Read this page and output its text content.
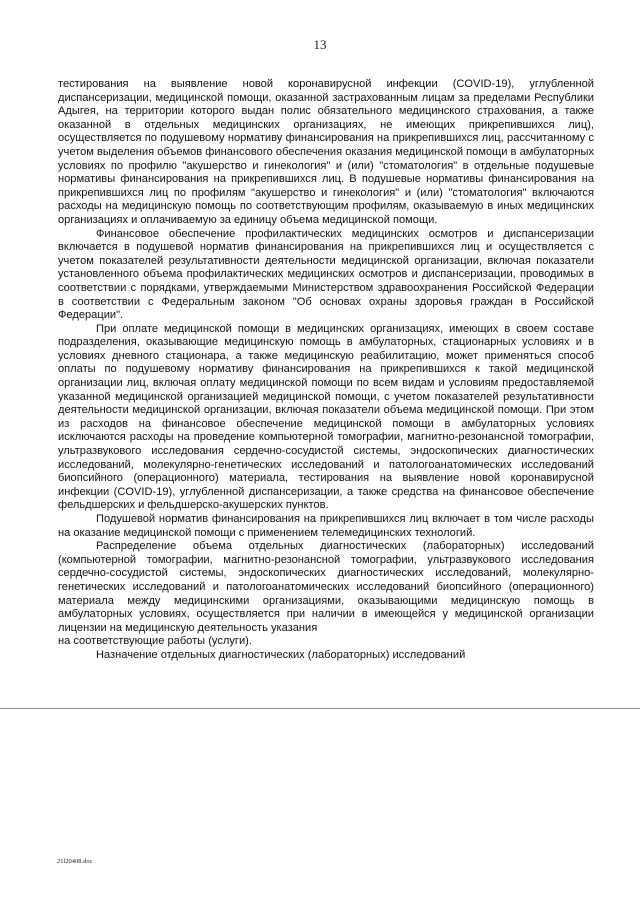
13

тестирования на выявление новой коронавирусной инфекции (COVID-19), углубленной диспансеризации, медицинской помощи, оказанной застрахованным лицам за пределами Республики Адыгея, на территории которого выдан полис обязательного медицинского страхования, а также оказанной в отдельных медицинских организациях, не имеющих прикрепившихся лиц), осуществляется по подушевому нормативу финансирования на прикрепившихся лиц, рассчитанному с учетом выделения объемов финансового обеспечения оказания медицинской помощи в амбулаторных условиях по профилю "акушерство и гинекология" и (или) "стоматология" в отдельные подушевые нормативы финансирования на прикрепившихся лиц. В подушевые нормативы финансирования на прикрепившихся лиц по профилям "акушерство и гинекология" и (или) "стоматология" включаются расходы на медицинскую помощь по соответствующим профилям, оказываемую в иных медицинских организациях и оплачиваемую за единицу объема медицинской помощи.

Финансовое обеспечение профилактических медицинских осмотров и диспансеризации включается в подушевой норматив финансирования на прикрепившихся лиц и осуществляется с учетом показателей результативности деятельности медицинской организации, включая показатели установленного объема профилактических медицинских осмотров и диспансеризации, проводимых в соответствии с порядками, утверждаемыми Министерством здравоохранения Российской Федерации в соответствии с Федеральным законом "Об основах охраны здоровья граждан в Российской Федерации".

При оплате медицинской помощи в медицинских организациях, имеющих в своем составе подразделения, оказывающие медицинскую помощь в амбулаторных, стационарных условиях и в условиях дневного стационара, а также медицинскую реабилитацию, может применяться способ оплаты по подушевому нормативу финансирования на прикрепившихся к такой медицинской организации лиц, включая оплату медицинской помощи по всем видам и условиям предоставляемой указанной медицинской организацией медицинской помощи, с учетом показателей результативности деятельности медицинской организации, включая показатели объема медицинской помощи. При этом из расходов на финансовое обеспечение медицинской помощи в амбулаторных условиях исключаются расходы на проведение компьютерной томографии, магнитно-резонансной томографии, ультразвукового исследования сердечно-сосудистой системы, эндоскопических диагностических исследований, молекулярно-генетических исследований и патологоанатомических исследований биопсийного (операционного) материала, тестирования на выявление новой коронавирусной инфекции (COVID-19), углубленной диспансеризации, а также средства на финансовое обеспечение фельдшерских и фельдшерско-акушерских пунктов.

Подушевой норматив финансирования на прикрепившихся лиц включает в том числе расходы на оказание медицинской помощи с применением телемедицинских технологий.

Распределение объема отдельных диагностических (лабораторных) исследований (компьютерной томографии, магнитно-резонансной томографии, ультразвукового исследования сердечно-сосудистой системы, эндоскопических диагностических исследований, молекулярно-генетических исследований и патологоанатомических исследований биопсийного (операционного) материала между медицинскими организациями, оказывающими медицинскую помощь в амбулаторных условиях, осуществляется при наличии в имеющейся у медицинской организации лицензии на медицинскую деятельность указания

на соответствующие работы (услуги).

Назначение отдельных диагностических (лабораторных) исследований

21l20408.doc
